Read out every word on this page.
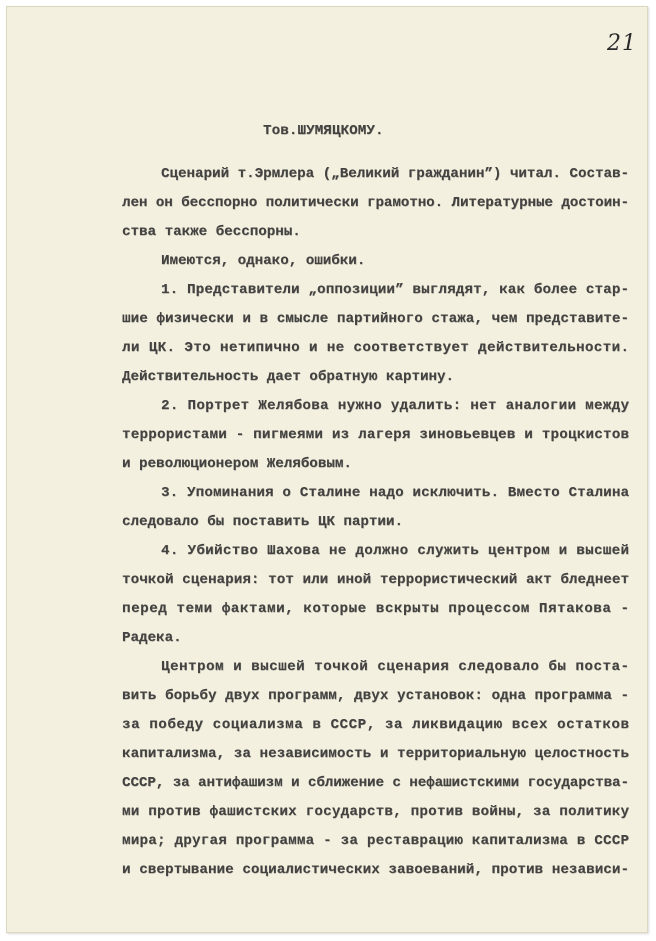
21
Тов.ШУМЯЦКОМУ.
Сценарий т.Эрмлера („Великий гражданин”) читал. Состав-
лен он бесспорно политически грамотно. Литературные достоин-
ства также бесспорны.
Имеются, однако, ошибки.
1. Представители „оппозиции” выглядят, как более стар-
шие физически и в смысле партийного стажа, чем представите-
ли ЦК. Это нетипично и не соответствует действительности.
Действительность дает обратную картину.
2. Портрет Желябова нужно удалить: нет аналогии между
террористами - пигмеями из лагеря зиновьевцев и троцкистов
и революционером Желябовым.
3. Упоминания о Сталине надо исключить. Вместо Сталина
следовало бы поставить ЦК партии.
4. Убийство Шахова не должно служить центром и высшей
точкой сценария: тот или иной террористический акт бледнеет
перед теми фактами, которые вскрыты процессом Пятакова -
Радека.
Центром и высшей точкой сценария следовало бы поста-
вить борьбу двух программ, двух установок: одна программа -
за победу социализма в СССР, за ликвидацию всех остатков
капитализма, за независимость и территориальную целостность
СССР, за антифашизм и сближение с нефашистскими государства-
ми против фашистских государств, против войны, за политику
мира; другая программа - за реставрацию капитализма в СССР
и свертывание социалистических завоеваний, против независи-
